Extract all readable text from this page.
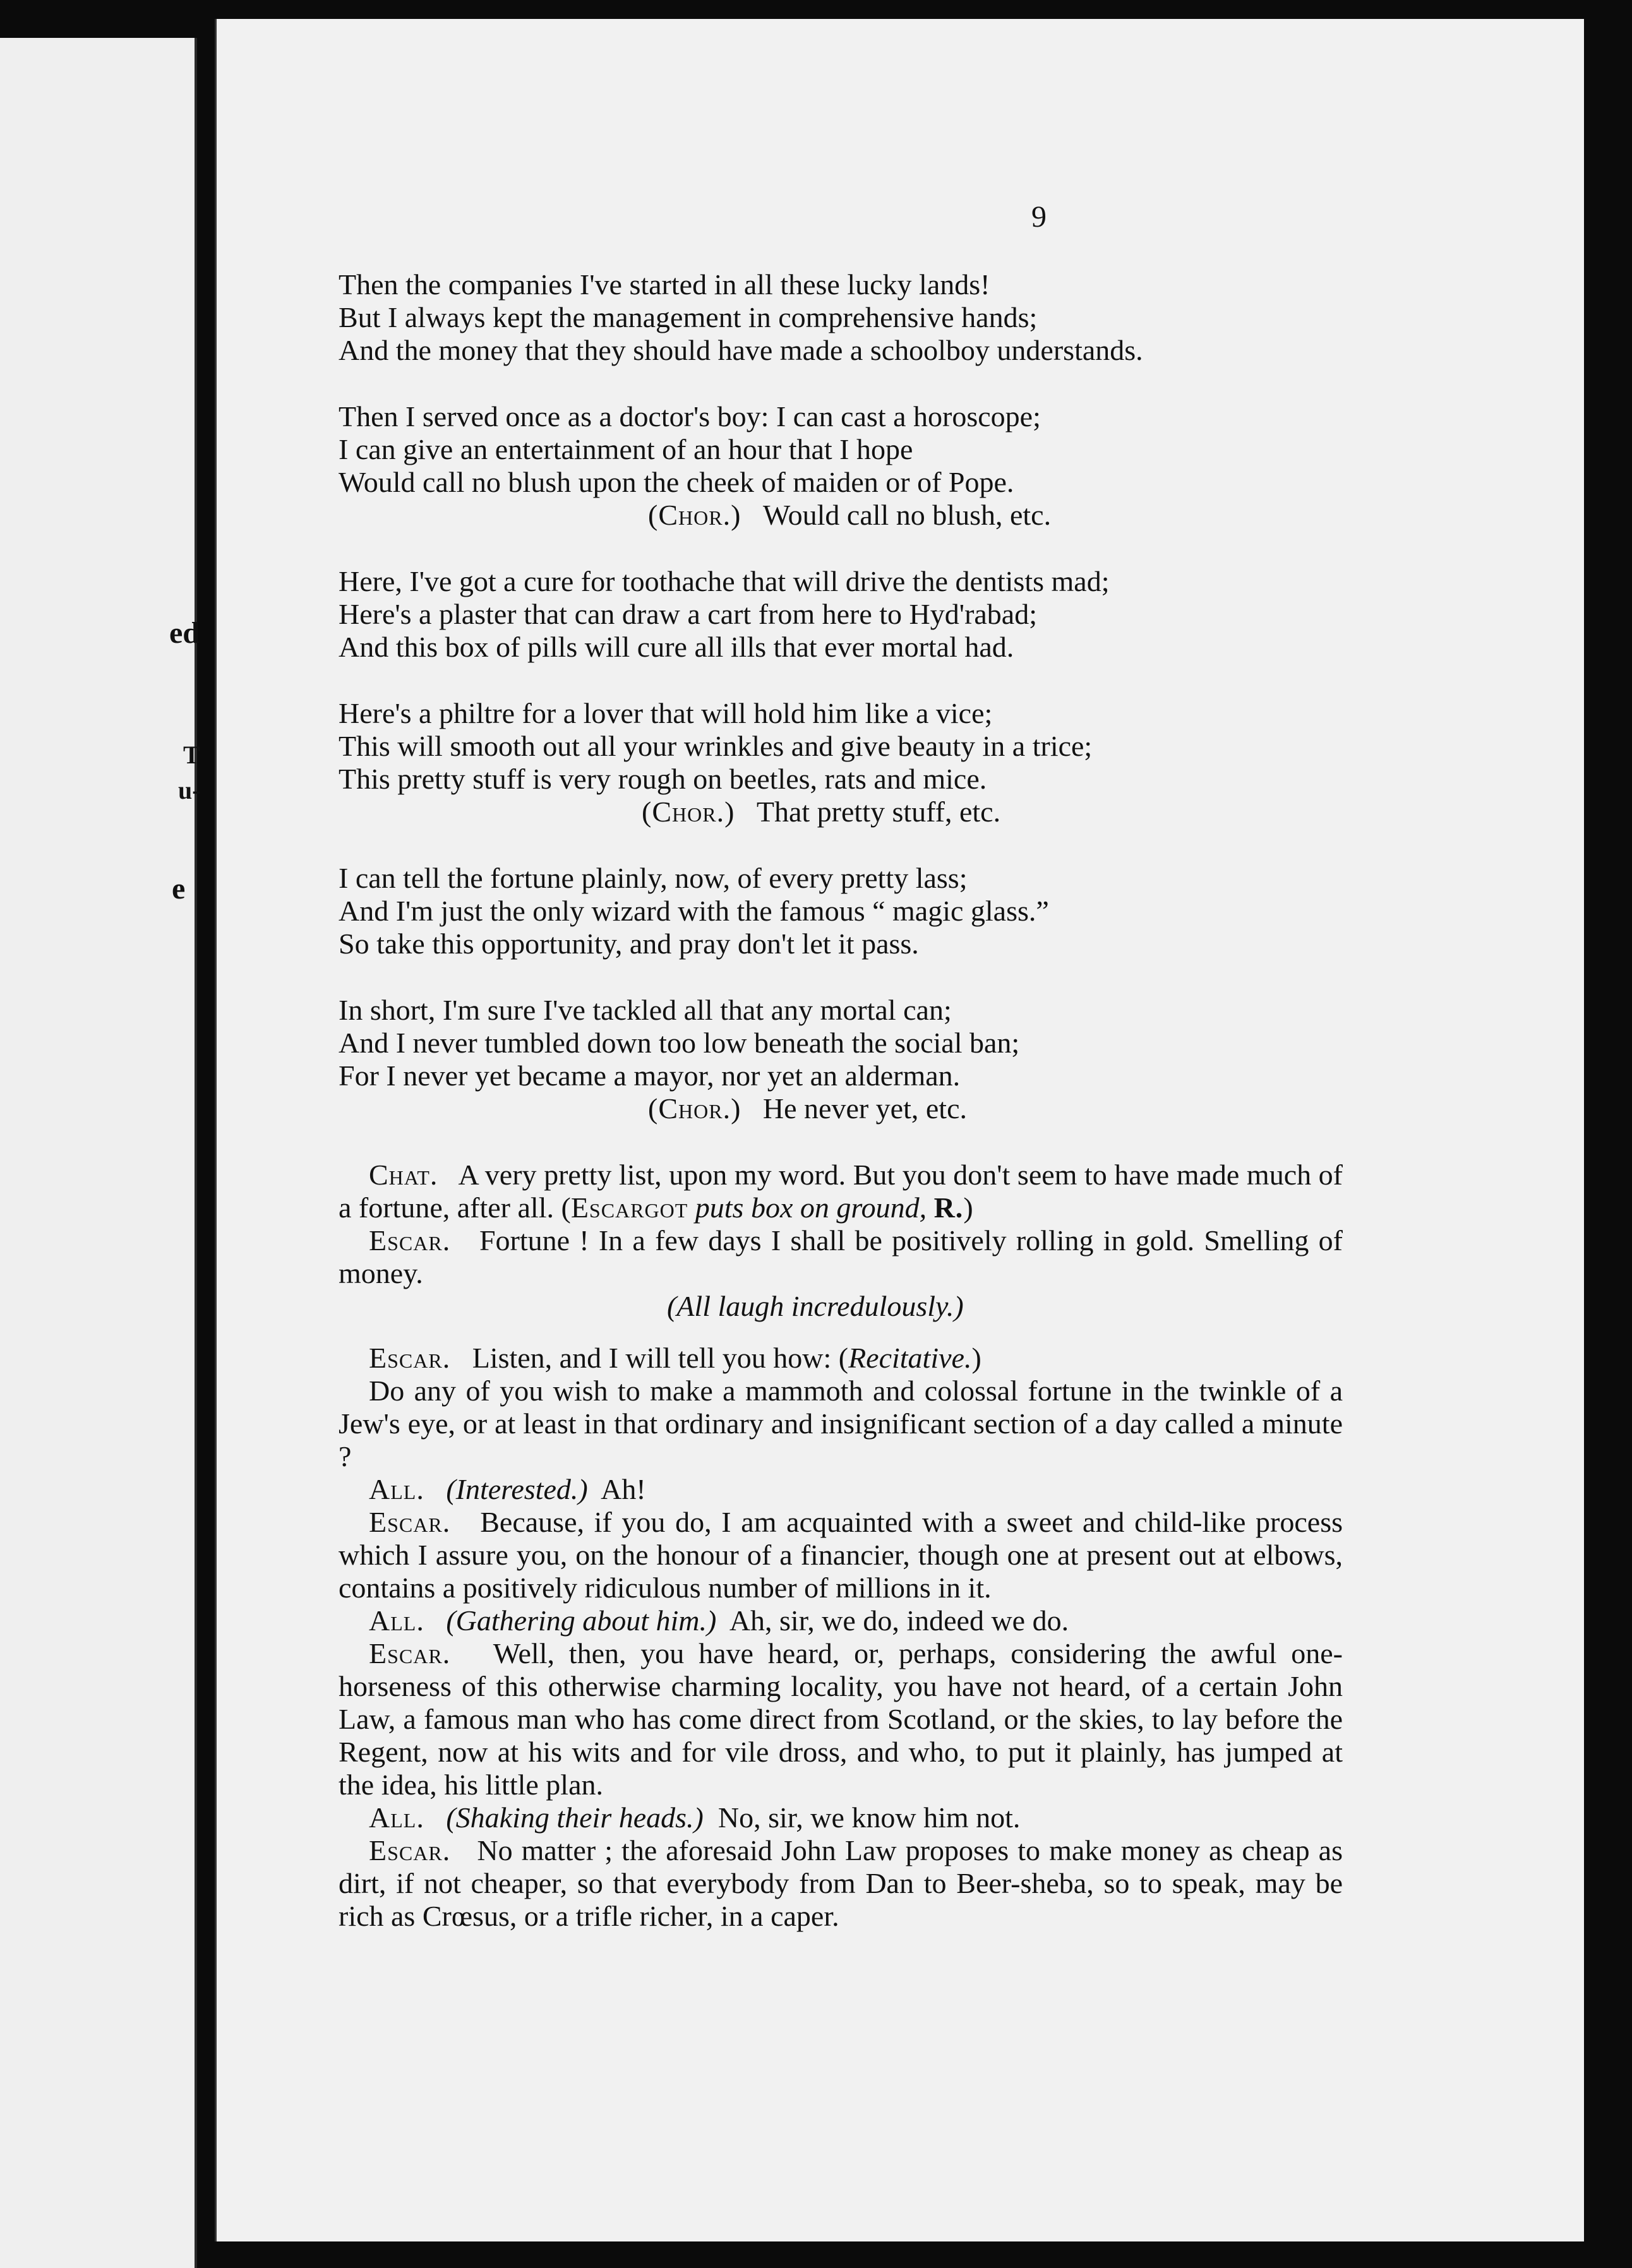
ed
T
u-
e
9
Then the companies I've started in all these lucky lands!
But I always kept the management in comprehensive hands;
And the money that they should have made a schoolboy understands.
Then I served once as a doctor's boy: I can cast a horoscope;
I can give an entertainment of an hour that I hope
Would call no blush upon the cheek of maiden or of Pope.
(Chor.) Would call no blush, etc.
Here, I've got a cure for toothache that will drive the dentists mad;
Here's a plaster that can draw a cart from here to Hyd'rabad;
And this box of pills will cure all ills that ever mortal had.
Here's a philtre for a lover that will hold him like a vice;
This will smooth out all your wrinkles and give beauty in a trice;
This pretty stuff is very rough on beetles, rats and mice.
(Chor.) That pretty stuff, etc.
I can tell the fortune plainly, now, of every pretty lass;
And I'm just the only wizard with the famous “ magic glass.”
So take this opportunity, and pray don't let it pass.
In short, I'm sure I've tackled all that any mortal can;
And I never tumbled down too low beneath the social ban;
For I never yet became a mayor, nor yet an alderman.
(Chor.) He never yet, etc.
Chat. A very pretty list, upon my word. But you don't seem to have made much of a fortune, after all. (Escargot puts box on ground, R.)
Escar. Fortune ! In a few days I shall be positively rolling in gold. Smelling of money.
(All laugh incredulously.)
Escar. Listen, and I will tell you how: (Recitative.)
Do any of you wish to make a mammoth and colossal fortune in the twinkle of a Jew's eye, or at least in that ordinary and insignificant section of a day called a minute ?
All. (Interested.) Ah!
Escar. Because, if you do, I am acquainted with a sweet and child-like process which I assure you, on the honour of a financier, though one at present out at elbows, contains a positively ridiculous number of millions in it.
All. (Gathering about him.) Ah, sir, we do, indeed we do.
Escar. Well, then, you have heard, or, perhaps, considering the awful one-horseness of this otherwise charming locality, you have not heard, of a certain John Law, a famous man who has come direct from Scotland, or the skies, to lay before the Regent, now at his wits and for vile dross, and who, to put it plainly, has jumped at the idea, his little plan.
All. (Shaking their heads.) No, sir, we know him not.
Escar. No matter ; the aforesaid John Law proposes to make money as cheap as dirt, if not cheaper, so that everybody from Dan to Beer-sheba, so to speak, may be rich as Crœsus, or a trifle richer, in a caper.
